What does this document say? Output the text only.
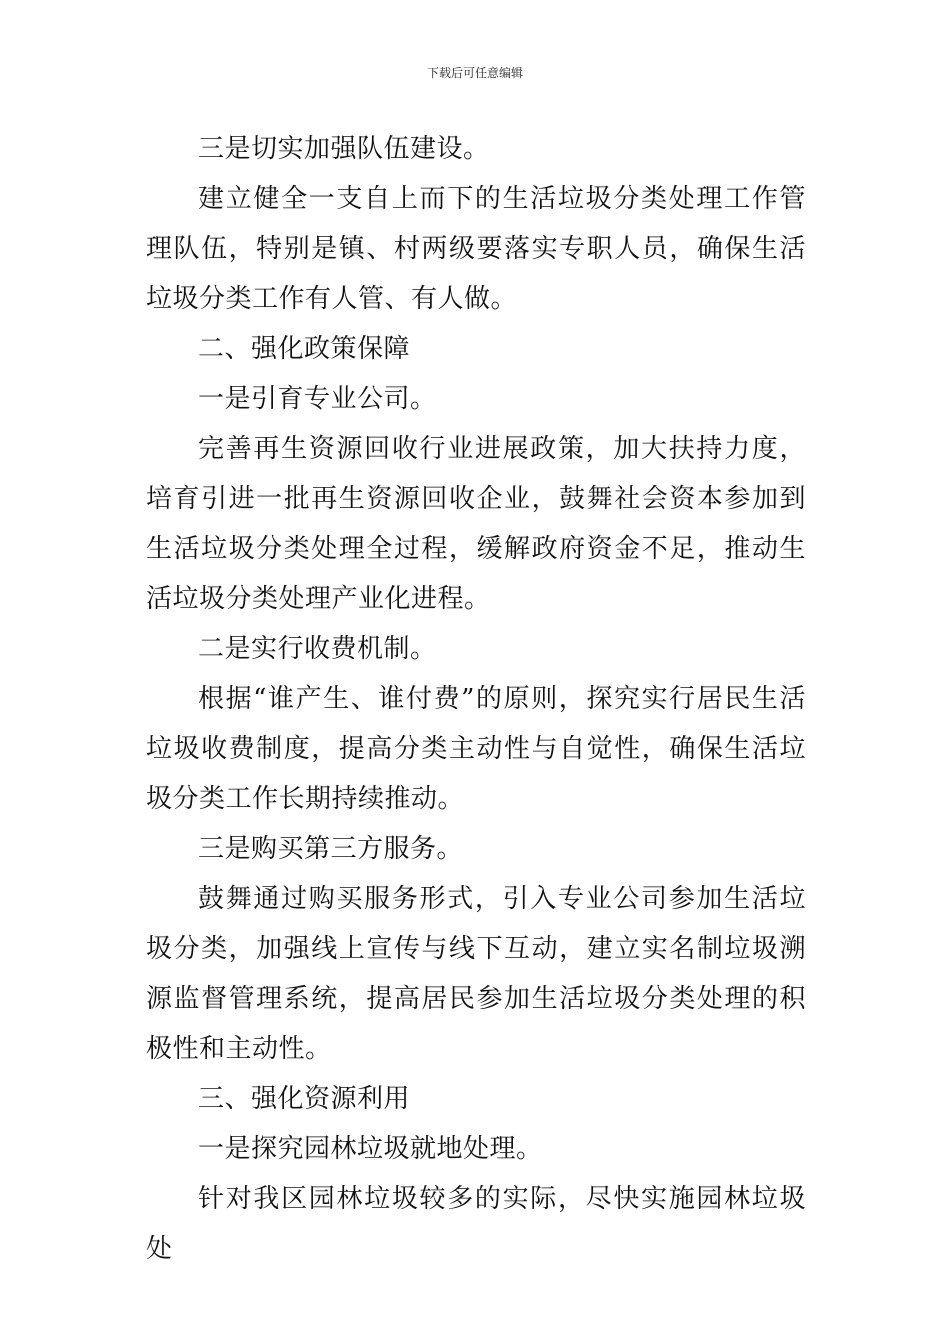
下载后可任意编辑

三是切实加强队伍建设。

建立健全一支自上而下的生活垃圾分类处理工作管理队伍，特别是镇、村两级要落实专职人员，确保生活垃圾分类工作有人管、有人做。

二、强化政策保障

一是引育专业公司。

完善再生资源回收行业进展政策，加大扶持力度，培育引进一批再生资源回收企业，鼓舞社会资本参加到生活垃圾分类处理全过程，缓解政府资金不足，推动生活垃圾分类处理产业化进程。

二是实行收费机制。

根据“谁产生、谁付费”的原则，探究实行居民生活垃圾收费制度，提高分类主动性与自觉性，确保生活垃圾分类工作长期持续推动。

三是购买第三方服务。

鼓舞通过购买服务形式，引入专业公司参加生活垃圾分类，加强线上宣传与线下互动，建立实名制垃圾溯源监督管理系统，提高居民参加生活垃圾分类处理的积极性和主动性。

三、强化资源利用

一是探究园林垃圾就地处理。

针对我区园林垃圾较多的实际，尽快实施园林垃圾处
